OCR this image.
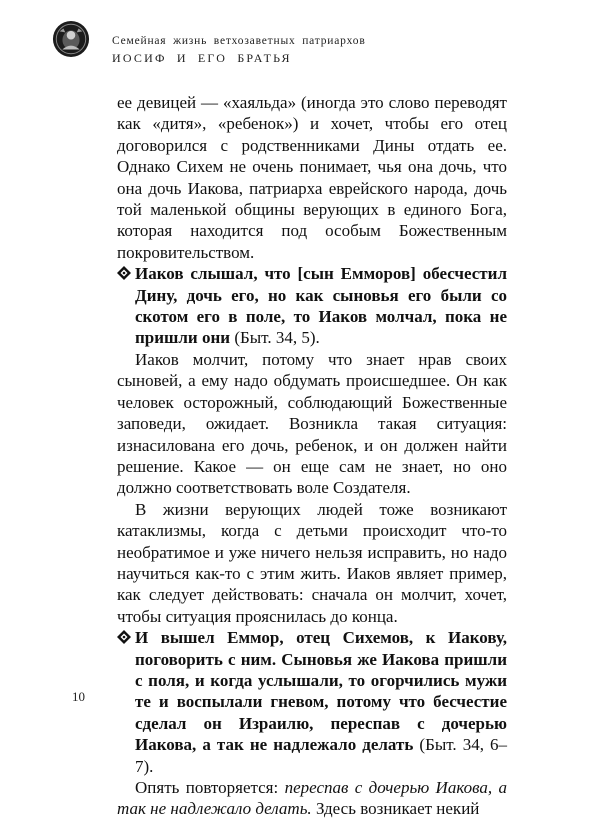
Семейная жизнь ветхозаветных патриархов
ИОСИФ И ЕГО БРАТЬЯ

ее девицей — «хаяльда» (иногда это слово переводят как «дитя», «ребенок») и хочет, чтобы его отец договорился с родственниками Дины отдать ее. Однако Сихем не очень понимает, чья она дочь, что она дочь Иакова, патриарха еврейского народа, дочь той маленькой общины верующих в единого Бога, которая находится под особым Божественным покровительством.

Иаков слышал, что [сын Емморов] обесчестил Дину, дочь его, но как сыновья его были со скотом его в поле, то Иаков молчал, пока не пришли они (Быт. 34, 5).

Иаков молчит, потому что знает нрав своих сыновей, а ему надо обдумать происшедшее. Он как человек осторожный, соблюдающий Божественные заповеди, ожидает. Возникла такая ситуация: изнасилована его дочь, ребенок, и он должен найти решение. Какое — он еще сам не знает, но оно должно соответствовать воле Создателя.

В жизни верующих людей тоже возникают катаклизмы, когда с детьми происходит что-то необратимое и уже ничего нельзя исправить, но надо научиться как-то с этим жить. Иаков являет пример, как следует действовать: сначала он молчит, хочет, чтобы ситуация прояснилась до конца.

И вышел Еммор, отец Сихемов, к Иакову, поговорить с ним. Сыновья же Иакова пришли с поля, и когда услышали, то огорчились мужи те и воспылали гневом, потому что бесчестие сделал он Израилю, переспав с дочерью Иакова, а так не надлежало делать (Быт. 34, 6–7).

Опять повторяется: переспав с дочерью Иакова, а так не надлежало делать. Здесь возникает некий

10
